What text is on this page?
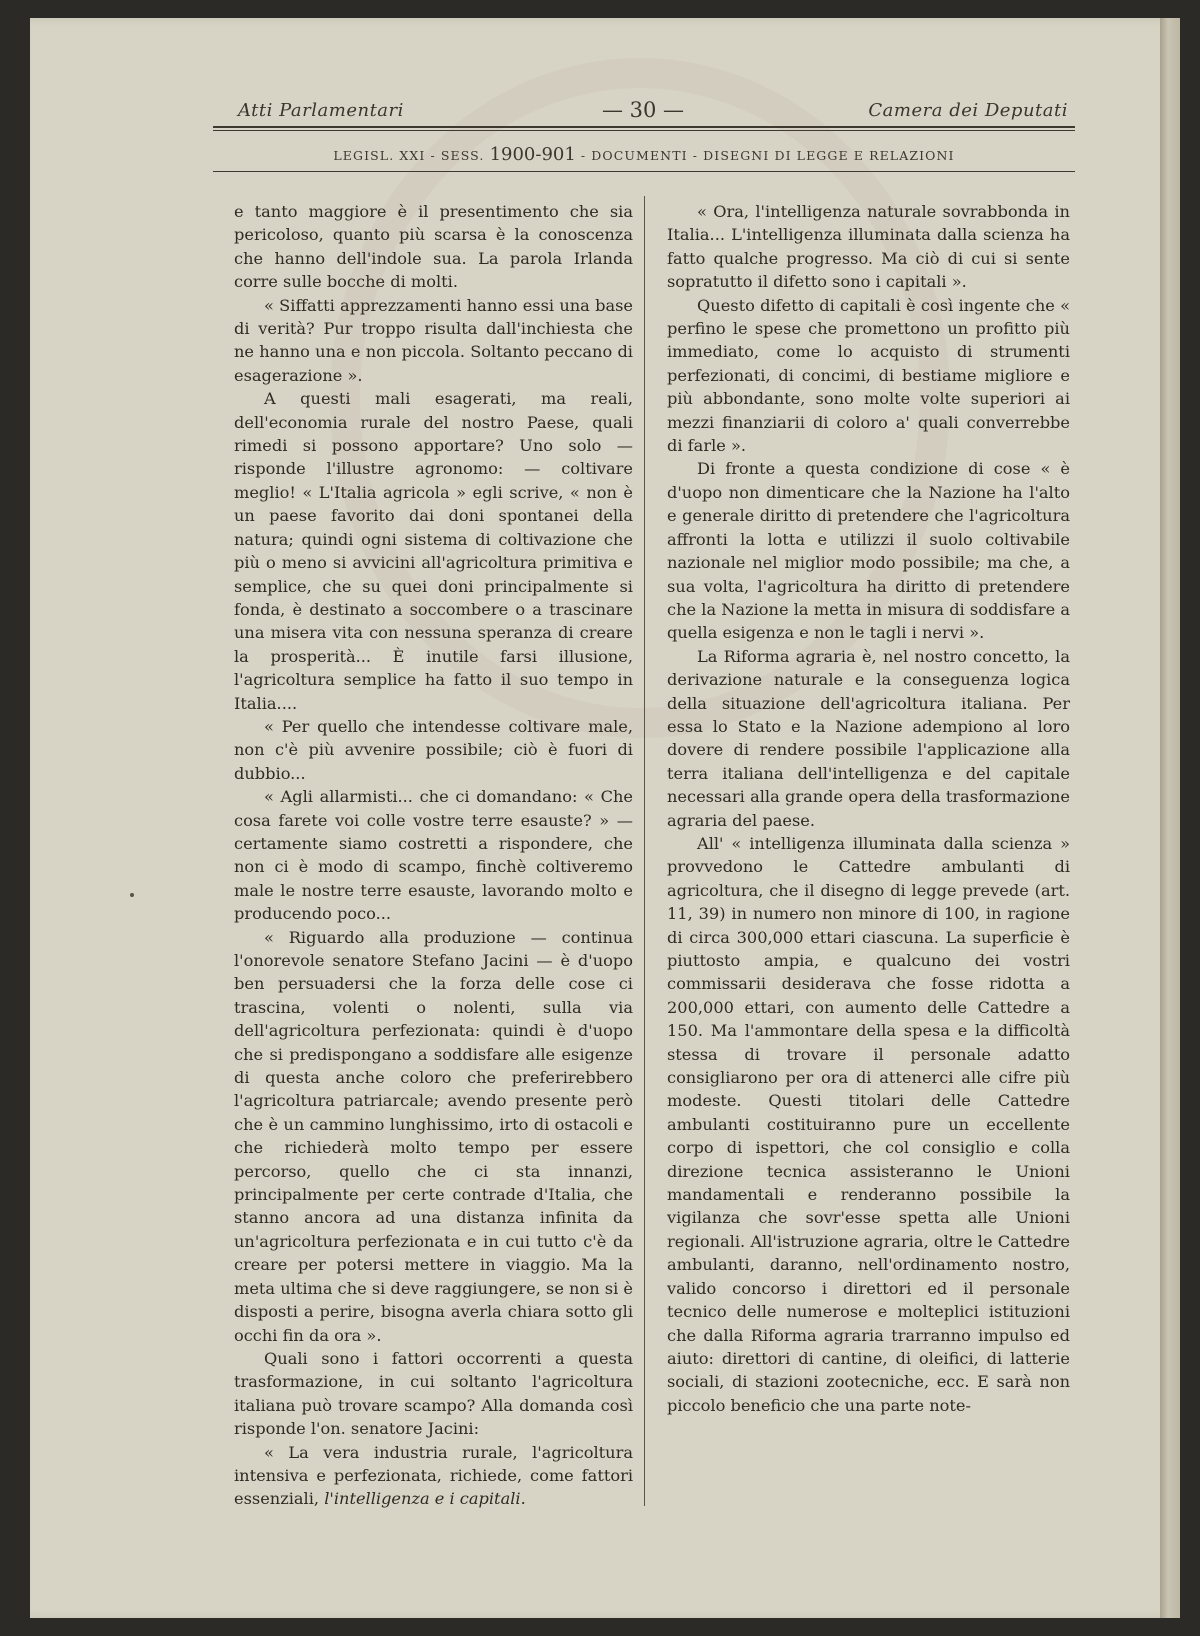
Atti Parlamentari	— 30 —	Camera dei Deputati
LEGISL. XXI - SESS. 1900-901 - DOCUMENTI - DISEGNI DI LEGGE E RELAZIONI

e tanto maggiore è il presentimento che sia pericoloso, quanto più scarsa è la conoscenza che hanno dell'indole sua. La parola Irlanda corre sulle bocche di molti.

« Siffatti apprezzamenti hanno essi una base di verità? Pur troppo risulta dall'inchiesta che ne hanno una e non piccola. Soltanto peccano di esagerazione ».

A questi mali esagerati, ma reali, dell'economia rurale del nostro Paese, quali rimedi si possono apportare? Uno solo — risponde l'illustre agronomo: — coltivare meglio! « L'Italia agricola » egli scrive, « non è un paese favorito dai doni spontanei della natura; quindi ogni sistema di coltivazione che più o meno si avvicini all'agricoltura primitiva e semplice, che su quei doni principalmente si fonda, è destinato a soccombere o a trascinare una misera vita con nessuna speranza di creare la prosperità... È inutile farsi illusione, l'agricoltura semplice ha fatto il suo tempo in Italia....

« Per quello che intendesse coltivare male, non c'è più avvenire possibile; ciò è fuori di dubbio...

« Agli allarmisti... che ci domandano: « Che cosa farete voi colle vostre terre esauste? » — certamente siamo costretti a rispondere, che non ci è modo di scampo, finchè coltiveremo male le nostre terre esauste, lavorando molto e producendo poco...

« Riguardo alla produzione — continua l'onorevole senatore Stefano Jacini — è d'uopo ben persuadersi che la forza delle cose ci trascina, volenti o nolenti, sulla via dell'agricoltura perfezionata: quindi è d'uopo che si predispongano a soddisfare alle esigenze di questa anche coloro che preferirebbero l'agricoltura patriarcale; avendo presente però che è un cammino lunghissimo, irto di ostacoli e che richiederà molto tempo per essere percorso, quello che ci sta innanzi, principalmente per certe contrade d'Italia, che stanno ancora ad una distanza infinita da un'agricoltura perfezionata e in cui tutto c'è da creare per potersi mettere in viaggio. Ma la meta ultima che si deve raggiungere, se non si è disposti a perire, bisogna averla chiara sotto gli occhi fin da ora ».

Quali sono i fattori occorrenti a questa trasformazione, in cui soltanto l'agricoltura italiana può trovare scampo? Alla domanda così risponde l'on. senatore Jacini:

« La vera industria rurale, l'agricoltura intensiva e perfezionata, richiede, come fattori essenziali, l'intelligenza e i capitali.

« Ora, l'intelligenza naturale sovrabbonda in Italia... L'intelligenza illuminata dalla scienza ha fatto qualche progresso. Ma ciò di cui si sente sopratutto il difetto sono i capitali ».

Questo difetto di capitali è così ingente che « perfino le spese che promettono un profitto più immediato, come lo acquisto di strumenti perfezionati, di concimi, di bestiame migliore e più abbondante, sono molte volte superiori ai mezzi finanziarii di coloro a' quali converrebbe di farle ».

Di fronte a questa condizione di cose « è d'uopo non dimenticare che la Nazione ha l'alto e generale diritto di pretendere che l'agricoltura affronti la lotta e utilizzi il suolo coltivabile nazionale nel miglior modo possibile; ma che, a sua volta, l'agricoltura ha diritto di pretendere che la Nazione la metta in misura di soddisfare a quella esigenza e non le tagli i nervi ».

La Riforma agraria è, nel nostro concetto, la derivazione naturale e la conseguenza logica della situazione dell'agricoltura italiana. Per essa lo Stato e la Nazione adempiono al loro dovere di rendere possibile l'applicazione alla terra italiana dell'intelligenza e del capitale necessari alla grande opera della trasformazione agraria del paese.

All' « intelligenza illuminata dalla scienza » provvedono le Cattedre ambulanti di agricoltura, che il disegno di legge prevede (art. 11, 39) in numero non minore di 100, in ragione di circa 300,000 ettari ciascuna. La superficie è piuttosto ampia, e qualcuno dei vostri commissarii desiderava che fosse ridotta a 200,000 ettari, con aumento delle Cattedre a 150. Ma l'ammontare della spesa e la difficoltà stessa di trovare il personale adatto consigliarono per ora di attenerci alle cifre più modeste. Questi titolari delle Cattedre ambulanti costituiranno pure un eccellente corpo di ispettori, che col consiglio e colla direzione tecnica assisteranno le Unioni mandamentali e renderanno possibile la vigilanza che sovr'esse spetta alle Unioni regionali. All'istruzione agraria, oltre le Cattedre ambulanti, daranno, nell'ordinamento nostro, valido concorso i direttori ed il personale tecnico delle numerose e molteplici istituzioni che dalla Riforma agraria trarranno impulso ed aiuto: direttori di cantine, di oleifici, di latterie sociali, di stazioni zootecniche, ecc. E sarà non piccolo beneficio che una parte note-
